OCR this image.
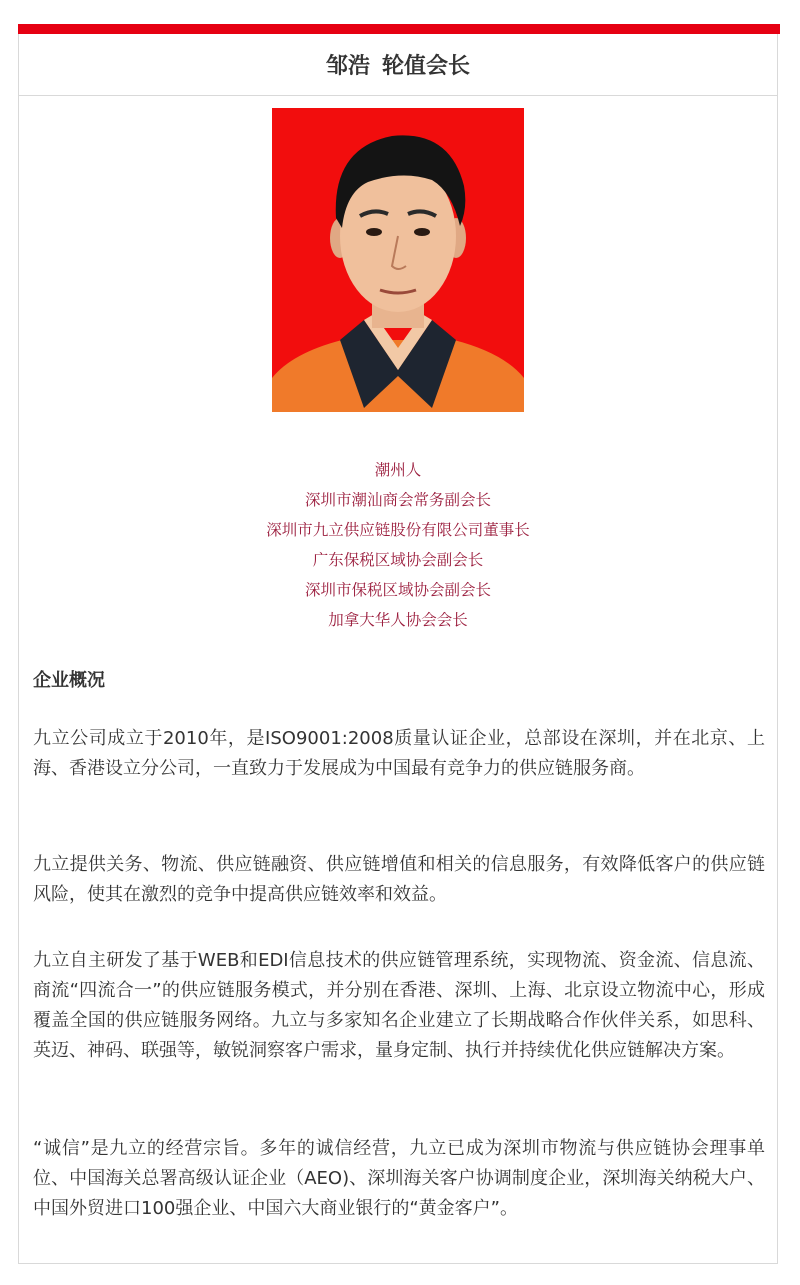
邹浩 轮值会长
潮州人
深圳市潮汕商会常务副会长
深圳市九立供应链股份有限公司董事长
广东保税区域协会副会长
深圳市保税区域协会副会长
加拿大华人协会会长
企业概况

九立公司成立于2010年，是ISO9001:2008质量认证企业，总部设在深圳，并在北京、上海、香港设立分公司，一直致力于发展成为中国最有竞争力的供应链服务商。

九立提供关务、物流、供应链融资、供应链增值和相关的信息服务，有效降低客户的供应链风险，使其在激烈的竞争中提高供应链效率和效益。

九立自主研发了基于WEB和EDI信息技术的供应链管理系统，实现物流、资金流、信息流、商流“四流合一”的供应链服务模式，并分别在香港、深圳、上海、北京设立物流中心，形成覆盖全国的供应链服务网络。九立与多家知名企业建立了长期战略合作伙伴关系，如思科、英迈、神码、联强等，敏锐洞察客户需求，量身定制、执行并持续优化供应链解决方案。

“诚信”是九立的经营宗旨。多年的诚信经营，九立已成为深圳市物流与供应链协会理事单位、中国海关总署高级认证企业（AEO)、深圳海关客户协调制度企业，深圳海关纳税大户、中国外贸进口100强企业、中国六大商业银行的“黄金客户”。
